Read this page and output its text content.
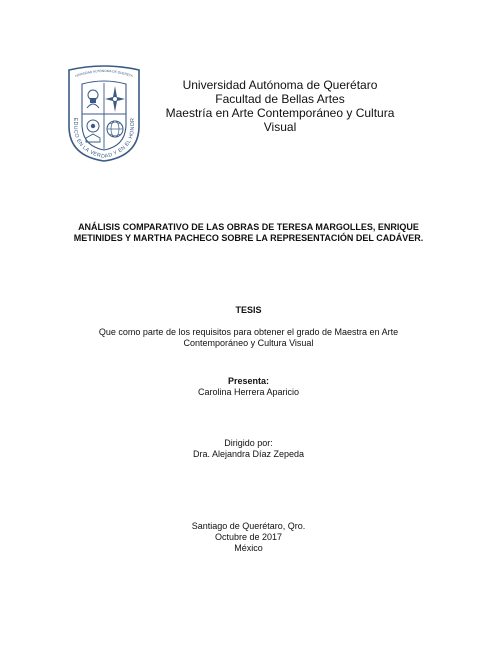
IVERSIDAD AUTÓNOMA DE QUERÉTA
EDUCO EN LA VERDAD Y EN EL HONOR
Universidad Autónoma de Querétaro
Facultad de Bellas Artes
Maestría en Arte Contemporáneo y Cultura Visual
ANÁLISIS COMPARATIVO DE LAS OBRAS DE TERESA MARGOLLES, ENRIQUE
METINIDES Y MARTHA PACHECO SOBRE LA REPRESENTACIÓN DEL CADÁVER.
TESIS
Que como parte de los requisitos para obtener el grado de Maestra en Arte
Contemporáneo y Cultura Visual
Presenta:
Carolina Herrera Aparicio
Dirigido por:
Dra. Alejandra Díaz Zepeda
Santiago de Querétaro, Qro.
Octubre de 2017
México
